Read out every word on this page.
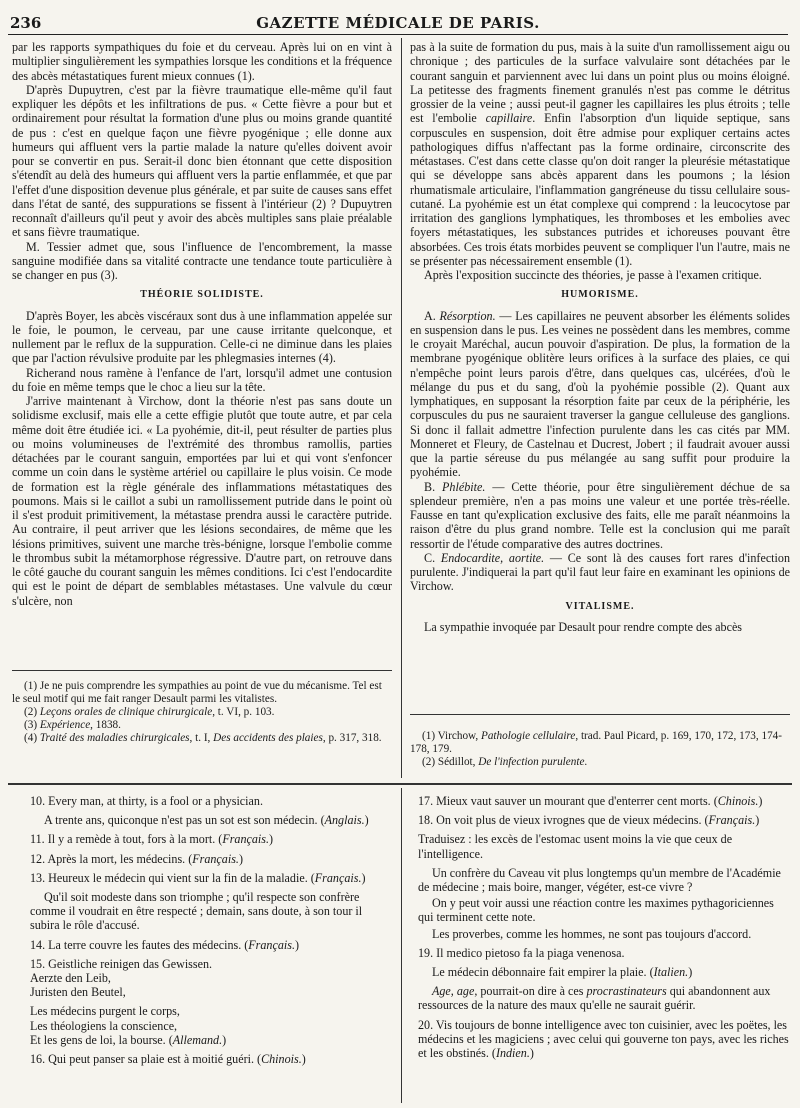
236	GAZETTE MÉDICALE DE PARIS.

par les rapports sympathiques du foie et du cerveau. Après lui on en vint à multiplier singulièrement les sympathies lorsque les conditions et la fréquence des abcès métastatiques furent mieux connues (1).

D'après Dupuytren, c'est par la fièvre traumatique elle-même qu'il faut expliquer les dépôts et les infiltrations de pus. « Cette fièvre a pour but et ordinairement pour résultat la formation d'une plus ou moins grande quantité de pus : c'est en quelque façon une fièvre pyogénique ; elle donne aux humeurs qui affluent vers la partie malade la nature qu'elles doivent avoir pour se convertir en pus. Serait-il donc bien étonnant que cette disposition s'étendît au delà des humeurs qui affluent vers la partie enflammée, et que par l'effet d'une disposition devenue plus générale, et par suite de causes sans effet dans l'état de santé, des suppurations se fissent à l'intérieur (2) ? Dupuytren reconnaît d'ailleurs qu'il peut y avoir des abcès multiples sans plaie préalable et sans fièvre traumatique.

M. Tessier admet que, sous l'influence de l'encombrement, la masse sanguine modifiée dans sa vitalité contracte une tendance toute particulière à se changer en pus (3).

THÉORIE SOLIDISTE.

D'après Boyer, les abcès viscéraux sont dus à une inflammation appelée sur le foie, le poumon, le cerveau, par une cause irritante quelconque, et nullement par le reflux de la suppuration. Celle-ci ne diminue dans les plaies que par l'action révulsive produite par les phlegmasies internes (4).

Richerand nous ramène à l'enfance de l'art, lorsqu'il admet une contusion du foie en même temps que le choc a lieu sur la tête.

J'arrive maintenant à Virchow, dont la théorie n'est pas sans doute un solidisme exclusif, mais elle a cette effigie plutôt que toute autre, et par cela même doit être étudiée ici. « La pyohémie, dit-il, peut résulter de parties plus ou moins volumineuses de l'extrémité des thrombus ramollis, parties détachées par le courant sanguin, emportées par lui et qui vont s'enfoncer comme un coin dans le système artériel ou capillaire le plus voisin. Ce mode de formation est la règle générale des inflammations métastatiques des poumons. Mais si le caillot a subi un ramollissement putride dans le point où il s'est produit primitivement, la métastase prendra aussi le caractère putride. Au contraire, il peut arriver que les lésions secondaires, de même que les lésions primitives, suivent une marche très-bénigne, lorsque l'embolie comme le thrombus subit la métamorphose régressive. D'autre part, on retrouve dans le côté gauche du courant sanguin les mêmes conditions. Ici c'est l'endocardite qui est le point de départ de semblables métastases. Une valvule du cœur s'ulcère, non

pas à la suite de formation du pus, mais à la suite d'un ramollissement aigu ou chronique ; des particules de la surface valvulaire sont détachées par le courant sanguin et parviennent avec lui dans un point plus ou moins éloigné. La petitesse des fragments finement granulés n'est pas comme le détritus grossier de la veine ; aussi peut-il gagner les capillaires les plus étroits ; telle est l'embolie capillaire. Enfin l'absorption d'un liquide septique, sans corpuscules en suspension, doit être admise pour expliquer certains actes pathologiques diffus n'affectant pas la forme ordinaire, circonscrite des métastases. C'est dans cette classe qu'on doit ranger la pleurésie métastatique qui se développe sans abcès apparent dans les poumons ; la lésion rhumatismale articulaire, l'inflammation gangréneuse du tissu cellulaire sous-cutané. La pyohémie est un état complexe qui comprend : la leucocytose par irritation des ganglions lymphatiques, les thromboses et les embolies avec foyers métastatiques, les substances putrides et ichoreuses pouvant être absorbées. Ces trois états morbides peuvent se compliquer l'un l'autre, mais ne se présenter pas nécessairement ensemble (1).

Après l'exposition succincte des théories, je passe à l'examen critique.

HUMORISME.

A. Résorption. — Les capillaires ne peuvent absorber les éléments solides en suspension dans le pus. Les veines ne possèdent dans les membres, comme le croyait Maréchal, aucun pouvoir d'aspiration. De plus, la formation de la membrane pyogénique oblitère leurs orifices à la surface des plaies, ce qui n'empêche point leurs parois d'être, dans quelques cas, ulcérées, d'où le mélange du pus et du sang, d'où la pyohémie possible (2). Quant aux lymphatiques, en supposant la résorption faite par ceux de la périphérie, les corpuscules du pus ne sauraient traverser la gangue celluleuse des ganglions. Si donc il fallait admettre l'infection purulente dans les cas cités par MM. Monneret et Fleury, de Castelnau et Ducrest, Jobert ; il faudrait avouer aussi que la partie séreuse du pus mélangée au sang suffit pour produire la pyohémie.

B. Phlébite. — Cette théorie, pour être singulièrement déchue de sa splendeur première, n'en a pas moins une valeur et une portée très-réelle. Fausse en tant qu'explication exclusive des faits, elle me paraît néanmoins la raison d'être du plus grand nombre. Telle est la conclusion qui me paraît ressortir de l'étude comparative des autres doctrines.

C. Endocardite, aortite. — Ce sont là des causes fort rares d'infection purulente. J'indiquerai la part qu'il faut leur faire en examinant les opinions de Virchow.

VITALISME.

La sympathie invoquée par Desault pour rendre compte des abcès

(1) Je ne puis comprendre les sympathies au point de vue du mécanisme. Tel est le seul motif qui me fait ranger Desault parmi les vitalistes.

(2) Leçons orales de clinique chirurgicale, t. VI, p. 103.

(3) Expérience, 1838.

(4) Traité des maladies chirurgicales, t. I, Des accidents des plaies, p. 317, 318.	(1) Virchow, Pathologie cellulaire, trad. Paul Picard, p. 169, 170, 172, 173, 174-178, 179.

(2) Sédillot, De l'infection purulente.

10. Every man, at thirty, is a fool or a physician.

A trente ans, quiconque n'est pas un sot est son médecin. (Anglais.)

11. Il y a remède à tout, fors à la mort. (Français.)

12. Après la mort, les médecins. (Français.)

13. Heureux le médecin qui vient sur la fin de la maladie. (Français.)

Qu'il soit modeste dans son triomphe ; qu'il respecte son confrère comme il voudrait en être respecté ; demain, sans doute, à son tour il subira le rôle d'accusé.

14. La terre couvre les fautes des médecins. (Français.)

15. Geistliche reinigen das Gewissen.
Aerzte den Leib,
Juristen den Beutel,
Les médecins purgent le corps,
Les théologiens la conscience,
Et les gens de loi, la bourse. (Allemand.)

16. Qui peut panser sa plaie est à moitié guéri. (Chinois.)

17. Mieux vaut sauver un mourant que d'enterrer cent morts. (Chinois.)

18. On voit plus de vieux ivrognes que de vieux médecins. (Français.)

Traduisez : les excès de l'estomac usent moins la vie que ceux de l'intelligence.

Un confrère du Caveau vit plus longtemps qu'un membre de l'Académie de médecine ; mais boire, manger, végéter, est-ce vivre ?

On y peut voir aussi une réaction contre les maximes pythagoriciennes qui terminent cette note.

Les proverbes, comme les hommes, ne sont pas toujours d'accord.

19. Il medico pietoso fa la piaga venenosa.

Le médecin débonnaire fait empirer la plaie. (Italien.)

Age, age, pourrait-on dire à ces procrastinateurs qui abandonnent aux ressources de la nature des maux qu'elle ne saurait guérir.

20. Vis toujours de bonne intelligence avec ton cuisinier, avec les poëtes, les médecins et les magiciens ; avec celui qui gouverne ton pays, avec les riches et les obstinés. (Indien.)
